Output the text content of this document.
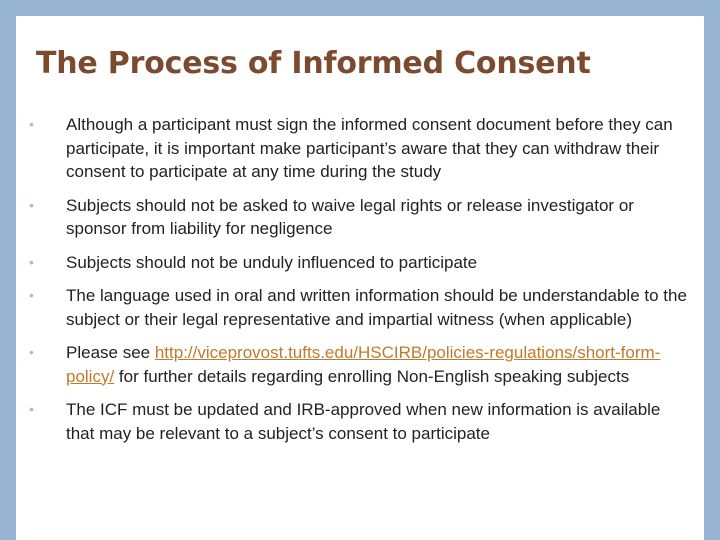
The Process of Informed Consent
• Although a participant must sign the informed consent document before they can participate, it is important make participant’s aware that they can withdraw their consent to participate at any time during the study
• Subjects should not be asked to waive legal rights or release investigator or sponsor from liability for negligence
• Subjects should not be unduly influenced to participate
• The language used in oral and written information should be understandable to the subject or their legal representative and impartial witness (when applicable)
• Please see http://viceprovost.tufts.edu/HSCIRB/policies-regulations/short-form-policy/ for further details regarding enrolling Non-English speaking subjects
• The ICF must be updated and IRB-approved when new information is available that may be relevant to a subject’s consent to participate
